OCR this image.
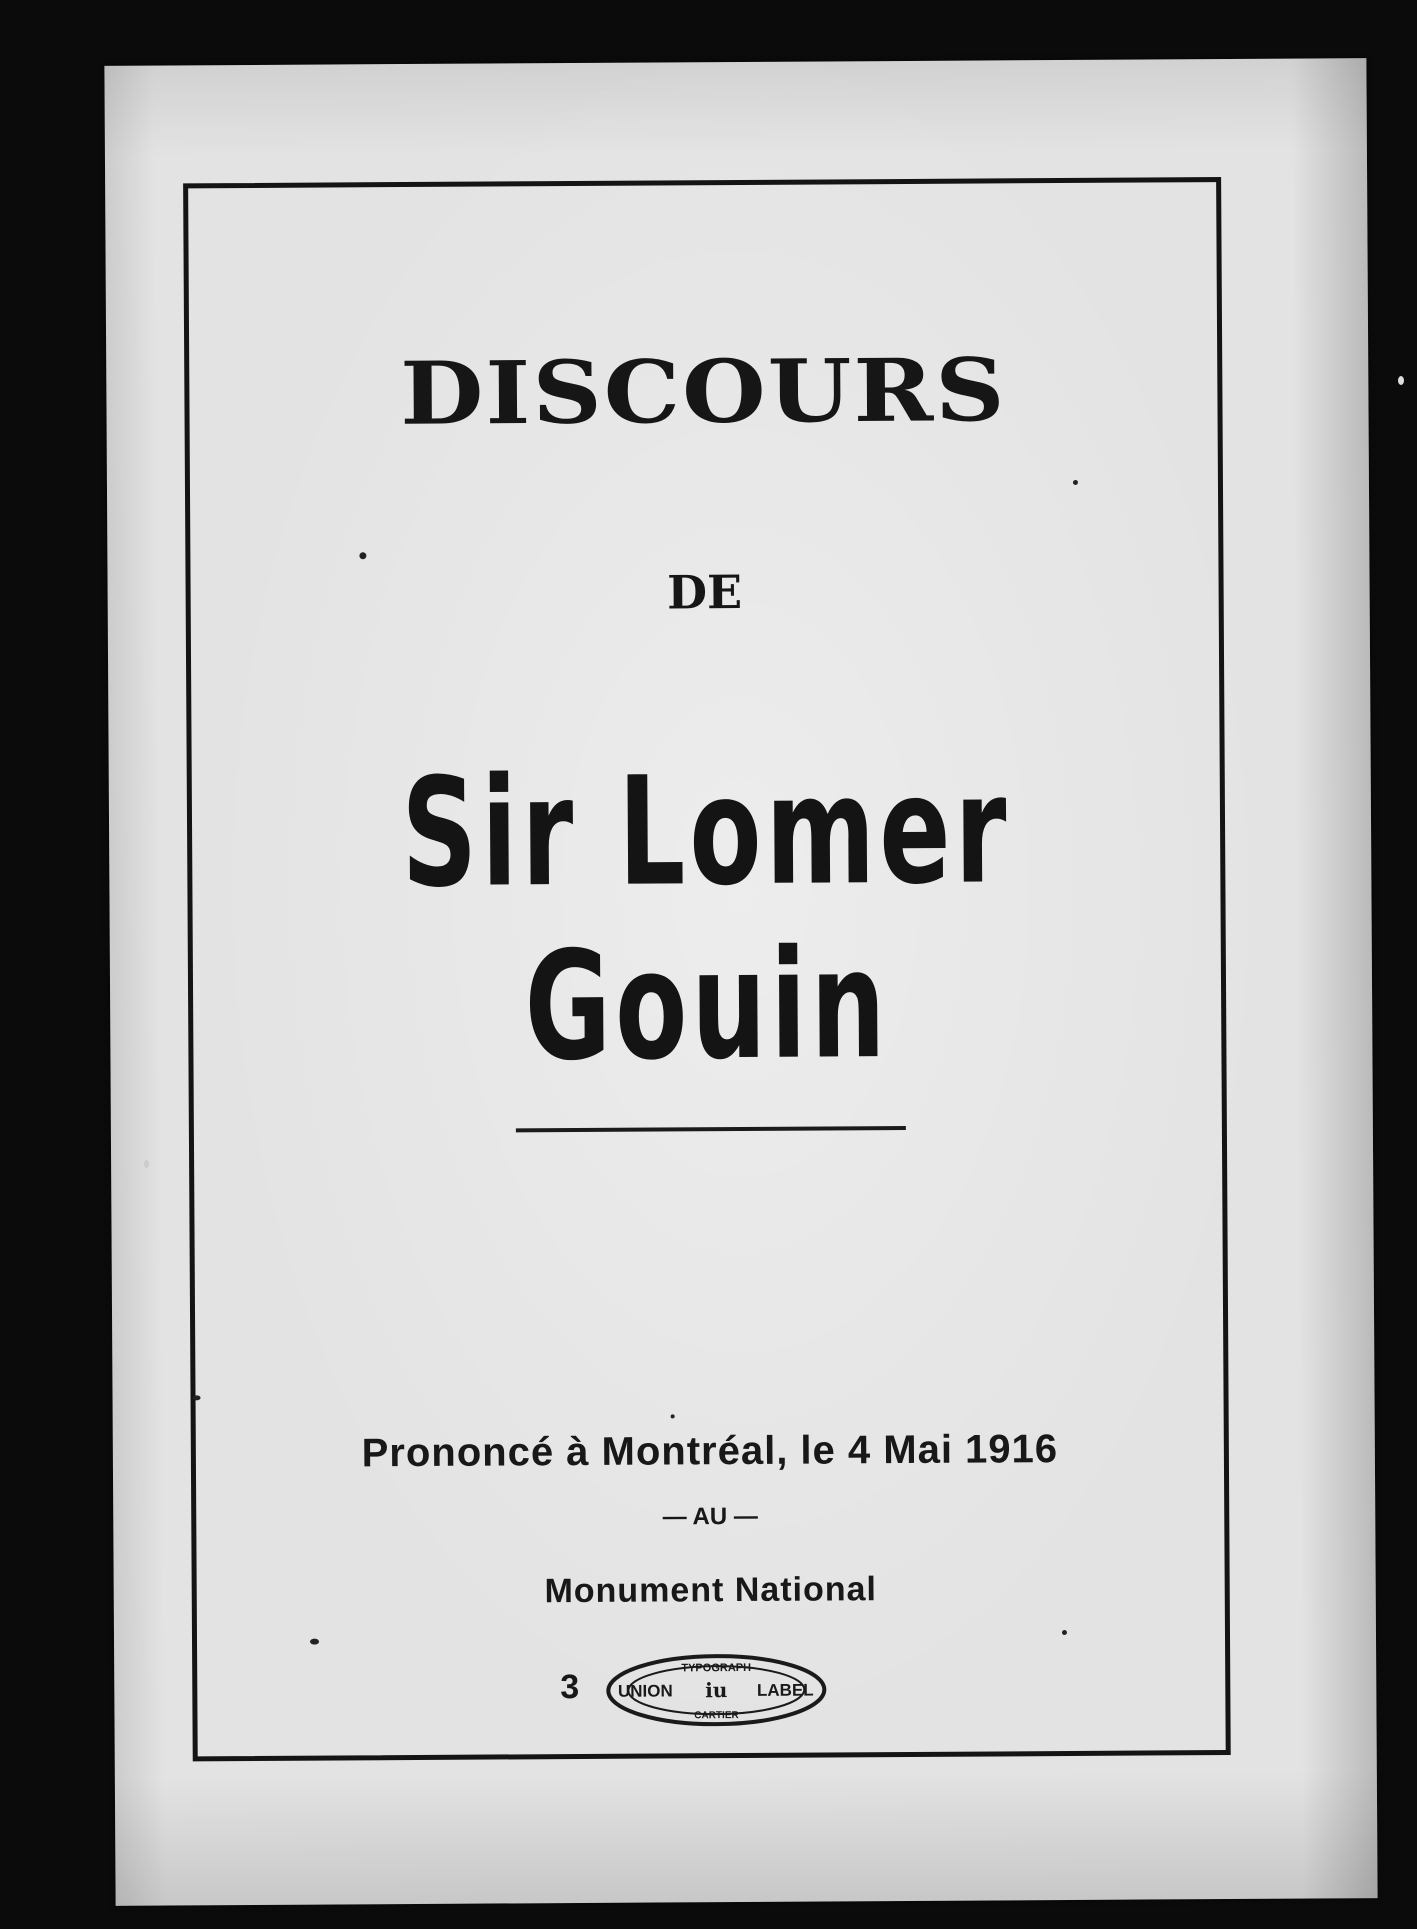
DISCOURS
DE
Sir Lomer Gouin
Prononcé à Montréal, le 4 Mai 1916
— AU —
Monument National
3	TYPOGRAPH
UNION	LABEL
iu
CARTIER
